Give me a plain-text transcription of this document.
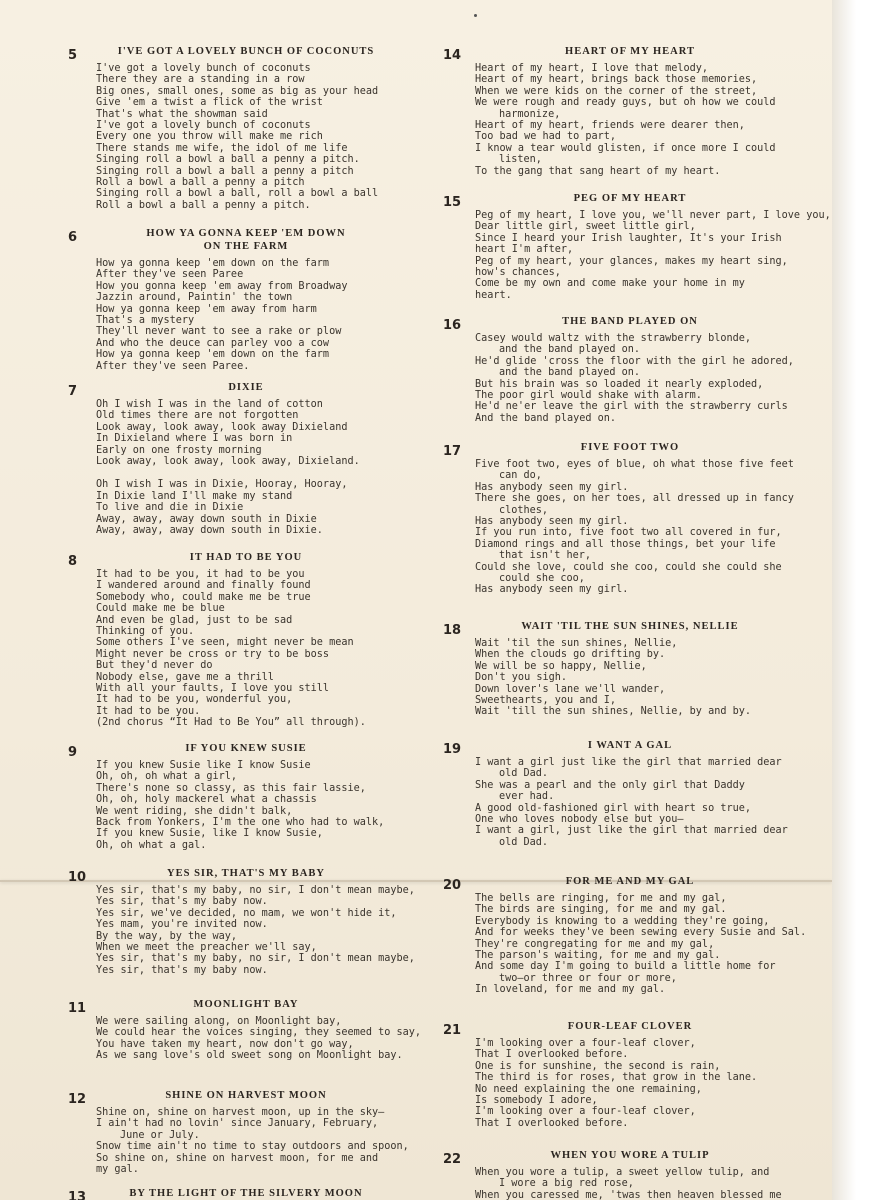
5	I'VE GOT A LOVELY BUNCH OF COCONUTS
I've got a lovely bunch of coconuts
There they are a standing in a row
Big ones, small ones, some as big as your head
Give 'em a twist a flick of the wrist
That's what the showman said
I've got a lovely bunch of coconuts
Every one you throw will make me rich
There stands me wife, the idol of me life
Singing roll a bowl a ball a penny a pitch.
Singing roll a bowl a ball a penny a pitch
Roll a bowl a ball a penny a pitch
Singing roll a bowl a ball, roll a bowl a ball
Roll a bowl a ball a penny a pitch.
6	HOW YA GONNA KEEP 'EM DOWN
ON THE FARM
How ya gonna keep 'em down on the farm
After they've seen Paree
How you gonna keep 'em away from Broadway
Jazzin around, Paintin' the town
How ya gonna keep 'em away from harm
That's a mystery
They'll never want to see a rake or plow
And who the deuce can parley voo a cow
How ya gonna keep 'em down on the farm
After they've seen Paree.
7	DIXIE
Oh I wish I was in the land of cotton
Old times there are not forgotten
Look away, look away, look away Dixieland
In Dixieland where I was born in
Early on one frosty morning
Look away, look away, look away, Dixieland.
Oh I wish I was in Dixie, Hooray, Hooray,
In Dixie land I'll make my stand
To live and die in Dixie
Away, away, away down south in Dixie
Away, away, away down south in Dixie.
8	IT HAD TO BE YOU
It had to be you, it had to be you
I wandered around and finally found
Somebody who, could make me be true
Could make me be blue
And even be glad, just to be sad
Thinking of you.
Some others I've seen, might never be mean
Might never be cross or try to be boss
But they'd never do
Nobody else, gave me a thrill
With all your faults, I love you still
It had to be you, wonderful you,
It had to be you.
(2nd chorus “It Had to Be You” all through).
9	IF YOU KNEW SUSIE
If you knew Susie like I know Susie
Oh, oh, oh what a girl,
There's none so classy, as this fair lassie,
Oh, oh, holy mackerel what a chassis
We went riding, she didn't balk,
Back from Yonkers, I'm the one who had to walk,
If you knew Susie, like I know Susie,
Oh, oh what a gal.
10	YES SIR, THAT'S MY BABY
Yes sir, that's my baby, no sir, I don't mean maybe,
Yes sir, that's my baby now.
Yes sir, we've decided, no mam, we won't hide it,
Yes mam, you're invited now.
By the way, by the way,
When we meet the preacher we'll say,
Yes sir, that's my baby, no sir, I don't mean maybe,
Yes sir, that's my baby now.
11	MOONLIGHT BAY
We were sailing along, on Moonlight bay,
We could hear the voices singing, they seemed to say,
You have taken my heart, now don't go way,
As we sang love's old sweet song on Moonlight bay.
12	SHINE ON HARVEST MOON
Shine on, shine on harvest moon, up in the sky—
I ain't had no lovin' since January, February,
June or July.
Snow time ain't no time to stay outdoors and spoon,
So shine on, shine on harvest moon, for me and
my gal.
13	BY THE LIGHT OF THE SILVERY MOON
14	HEART OF MY HEART
Heart of my heart, I love that melody,
Heart of my heart, brings back those memories,
When we were kids on the corner of the street,
We were rough and ready guys, but oh how we could
harmonize,
Heart of my heart, friends were dearer then,
Too bad we had to part,
I know a tear would glisten, if once more I could
listen,
To the gang that sang heart of my heart.
15	PEG OF MY HEART
Peg of my heart, I love you, we'll never part, I love you,
Dear little girl, sweet little girl,
Since I heard your Irish laughter, It's your Irish
heart I'm after,
Peg of my heart, your glances, makes my heart sing,
how's chances,
Come be my own and come make your home in my
heart.
16	THE BAND PLAYED ON
Casey would waltz with the strawberry blonde,
and the band played on.
He'd glide 'cross the floor with the girl he adored,
and the band played on.
But his brain was so loaded it nearly exploded,
The poor girl would shake with alarm.
He'd ne'er leave the girl with the strawberry curls
And the band played on.
17	FIVE FOOT TWO
Five foot two, eyes of blue, oh what those five feet
can do,
Has anybody seen my girl.
There she goes, on her toes, all dressed up in fancy
clothes,
Has anybody seen my girl.
If you run into, five foot two all covered in fur,
Diamond rings and all those things, bet your life
that isn't her,
Could she love, could she coo, could she could she
could she coo,
Has anybody seen my girl.
18	WAIT 'TIL THE SUN SHINES, NELLIE
Wait 'til the sun shines, Nellie,
When the clouds go drifting by.
We will be so happy, Nellie,
Don't you sigh.
Down lover's lane we'll wander,
Sweethearts, you and I,
Wait 'till the sun shines, Nellie, by and by.
19	I WANT A GAL
I want a girl just like the girl that married dear
old Dad.
She was a pearl and the only girl that Daddy
ever had.
A good old-fashioned girl with heart so true,
One who loves nobody else but you—
I want a girl, just like the girl that married dear
old Dad.
20	FOR ME AND MY GAL
The bells are ringing, for me and my gal,
The birds are singing, for me and my gal.
Everybody is knowing to a wedding they're going,
And for weeks they've been sewing every Susie and Sal.
They're congregating for me and my gal,
The parson's waiting, for me and my gal.
And some day I'm going to build a little home for
two—or three or four or more,
In loveland, for me and my gal.
21	FOUR-LEAF CLOVER
I'm looking over a four-leaf clover,
That I overlooked before.
One is for sunshine, the second is rain,
The third is for roses, that grow in the lane.
No need explaining the one remaining,
Is somebody I adore,
I'm looking over a four-leaf clover,
That I overlooked before.
22	WHEN YOU WORE A TULIP
When you wore a tulip, a sweet yellow tulip, and
I wore a big red rose,
When you caressed me, 'twas then heaven blessed me
